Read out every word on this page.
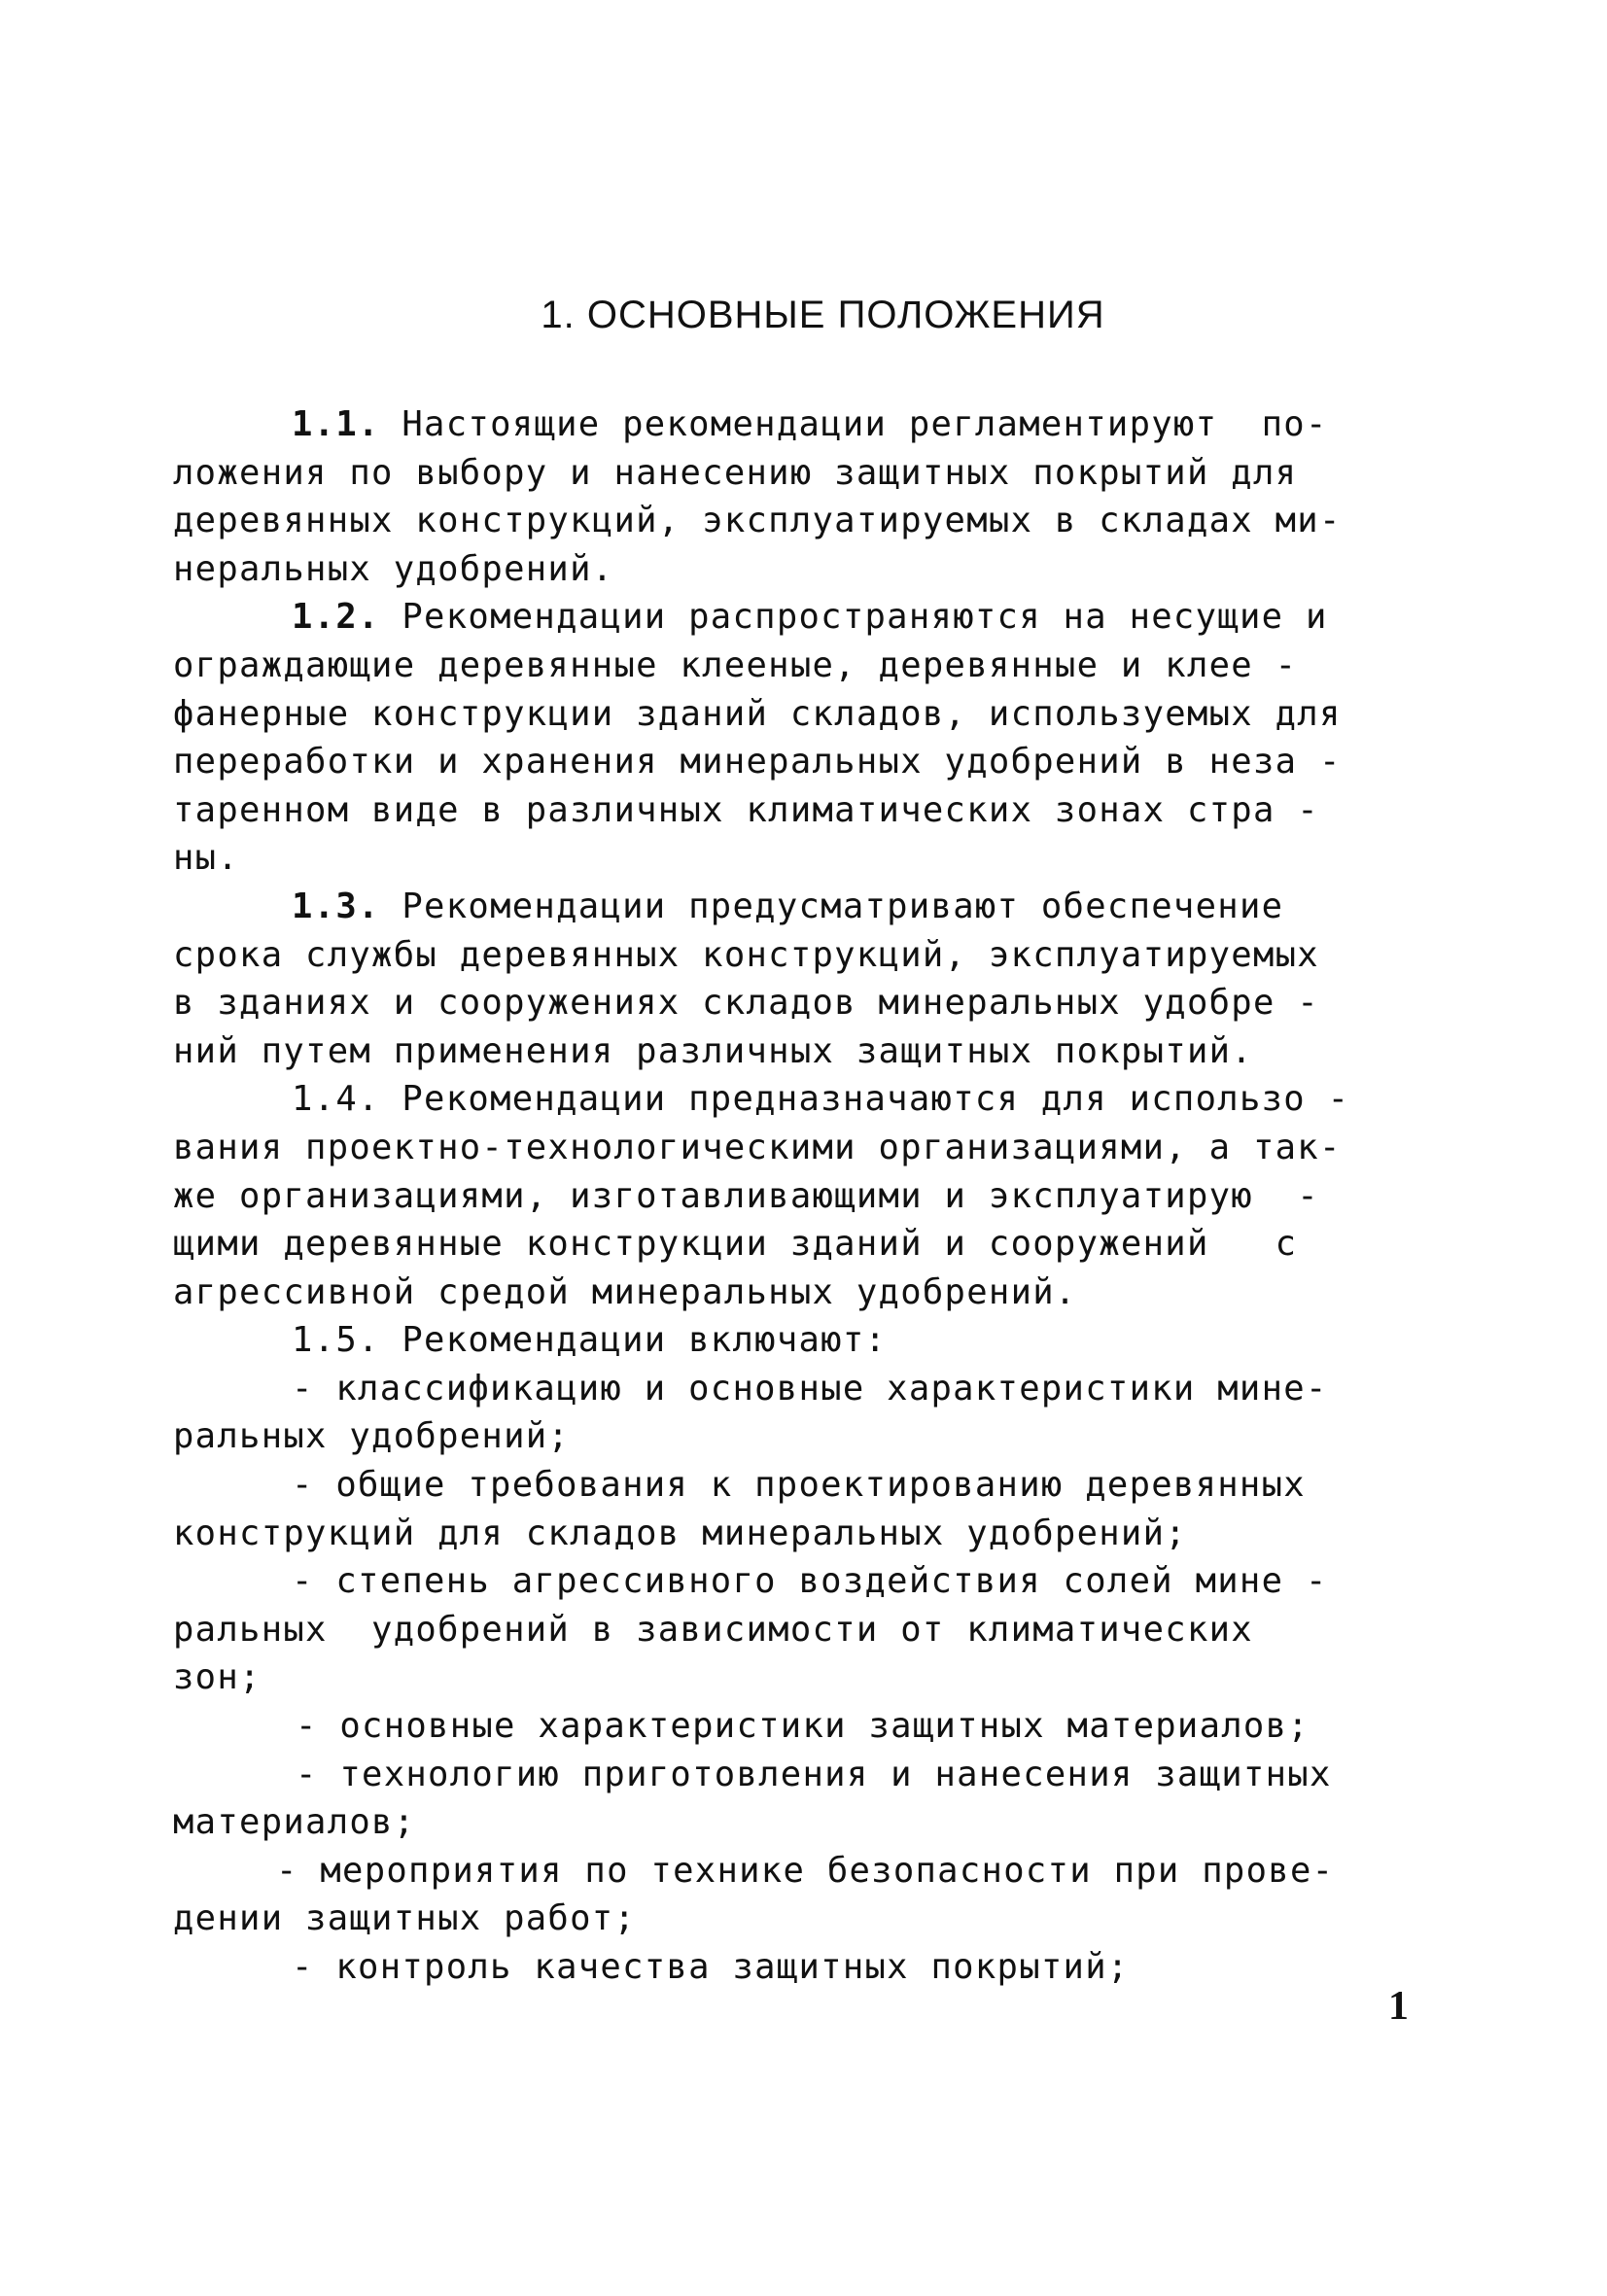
1. ОСНОВНЫЕ ПОЛОЖЕНИЯ
1.1. Настоящие рекомендации регламентируют  по-
ложения по выбору и нанесению защитных покрытий для
деревянных конструкций, эксплуатируемых в складах ми-
неральных удобрений.
1.2. Рекомендации распространяются на несущие и
ограждающие деревянные клееные, деревянные и клее -
фанерные конструкции зданий складов, используемых для
переработки и хранения минеральных удобрений в неза -
таренном виде в различных климатических зонах стра -
ны.
1.3. Рекомендации предусматривают обеспечение
срока службы деревянных конструкций, эксплуатируемых
в зданиях и сооружениях складов минеральных удобре -
ний путем применения различных защитных покрытий.
1.4. Рекомендации предназначаются для использо -
вания проектно-технологическими организациями, а так-
же организациями, изготавливающими и эксплуатирую  -
щими деревянные конструкции зданий и сооружений   с
агрессивной средой минеральных удобрений.
1.5. Рекомендации включают:
- классификацию и основные характеристики мине-
ральных удобрений;
- общие требования к проектированию деревянных
конструкций для складов минеральных удобрений;
- степень агрессивного воздействия солей мине -
ральных  удобрений в зависимости от климатических
зон;
- основные характеристики защитных материалов;
- технологию приготовления и нанесения защитных
материалов;
- мероприятия по технике безопасности при прове-
дении защитных работ;
- контроль качества защитных покрытий;
1
